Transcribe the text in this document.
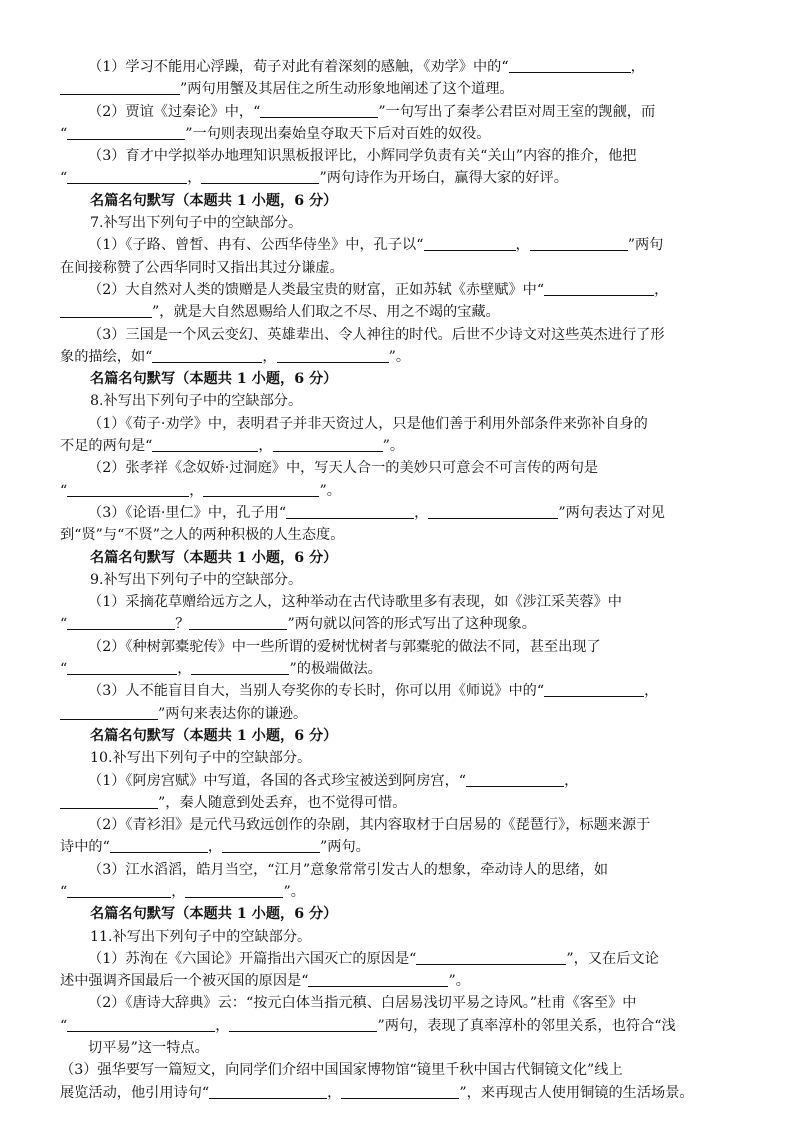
（1）学习不能用心浮躁，荀子对此有着深刻的感触，《劝学》中的“	，
”两句用蟹及其居住之所生动形象地阐述了这个道理。
（2）贾谊《过秦论》中，“	”一句写出了秦孝公君臣对周王室的觊觎，而
“	”一句则表现出秦始皇夺取天下后对百姓的奴役。
（3）育才中学拟举办地理知识黑板报评比，小辉同学负责有关“关山”内容的推介，他把
“	，	”两句诗作为开场白，赢得大家的好评。
名篇名句默写（本题共 1 小题，6 分）
7.补写出下列句子中的空缺部分。
（1）《子路、曾皙、冉有、公西华侍坐》中，孔子以“	，	”两句
在间接称赞了公西华同时又指出其过分谦虚。
（2）大自然对人类的馈赠是人类最宝贵的财富，正如苏轼《赤壁赋》中“	，
”，就是大自然恩赐给人们取之不尽、用之不竭的宝藏。
（3）三国是一个风云变幻、英雄辈出、令人神往的时代。后世不少诗文对这些英杰进行了形
象的描绘，如“	，	”。
名篇名句默写（本题共 1 小题，6 分）
8.补写出下列句子中的空缺部分。
（1）《荀子·劝学》中，表明君子并非天资过人，只是他们善于利用外部条件来弥补自身的
不足的两句是“	，	”。
（2）张孝祥《念奴娇·过洞庭》中，写天人合一的美妙只可意会不可言传的两句是
“	，	”。
（3）《论语·里仁》中，孔子用“	，	”两句表达了对见
到“贤”与“不贤”之人的两种积极的人生态度。
名篇名句默写（本题共 1 小题，6 分）
9.补写出下列句子中的空缺部分。
（1）采摘花草赠给远方之人，这种举动在古代诗歌里多有表现，如《涉江采芙蓉》中
“	？	”两句就以问答的形式写出了这种现象。
（2）《种树郭橐驼传》中一些所谓的爱树忧树者与郭橐驼的做法不同，甚至出现了
“	，	”的极端做法。
（3）人不能盲目自大，当别人夸奖你的专长时，你可以用《师说》中的“	，
”两句来表达你的谦逊。
名篇名句默写（本题共 1 小题，6 分）
10.补写出下列句子中的空缺部分。
（1）《阿房宫赋》中写道，各国的各式珍宝被送到阿房宫，“	，
”，秦人随意到处丢弃，也不觉得可惜。
（2）《青衫泪》是元代马致远创作的杂剧，其内容取材于白居易的《琵琶行》，标题来源于
诗中的“	，	”两句。
（3）江水滔滔，皓月当空，“江月”意象常常引发古人的想象，牵动诗人的思绪，如
“	，	”。
名篇名句默写（本题共 1 小题，6 分）
11.补写出下列句子中的空缺部分。
（1）苏洵在《六国论》开篇指出六国灭亡的原因是“	”，又在后文论
述中强调齐国最后一个被灭国的原因是“	”。
（2）《唐诗大辞典》云：“按元白体当指元稹、白居易浅切平易之诗风。”杜甫《客至》中
“	，	”两句，表现了真率淳朴的邻里关系，也符合“浅
切平易”这一特点。
（3）强华要写一篇短文，向同学们介绍中国国家博物馆“镜里千秋中国古代铜镜文化”线上
展览活动，他引用诗句“	，	”，来再现古人使用铜镜的生活场景。
